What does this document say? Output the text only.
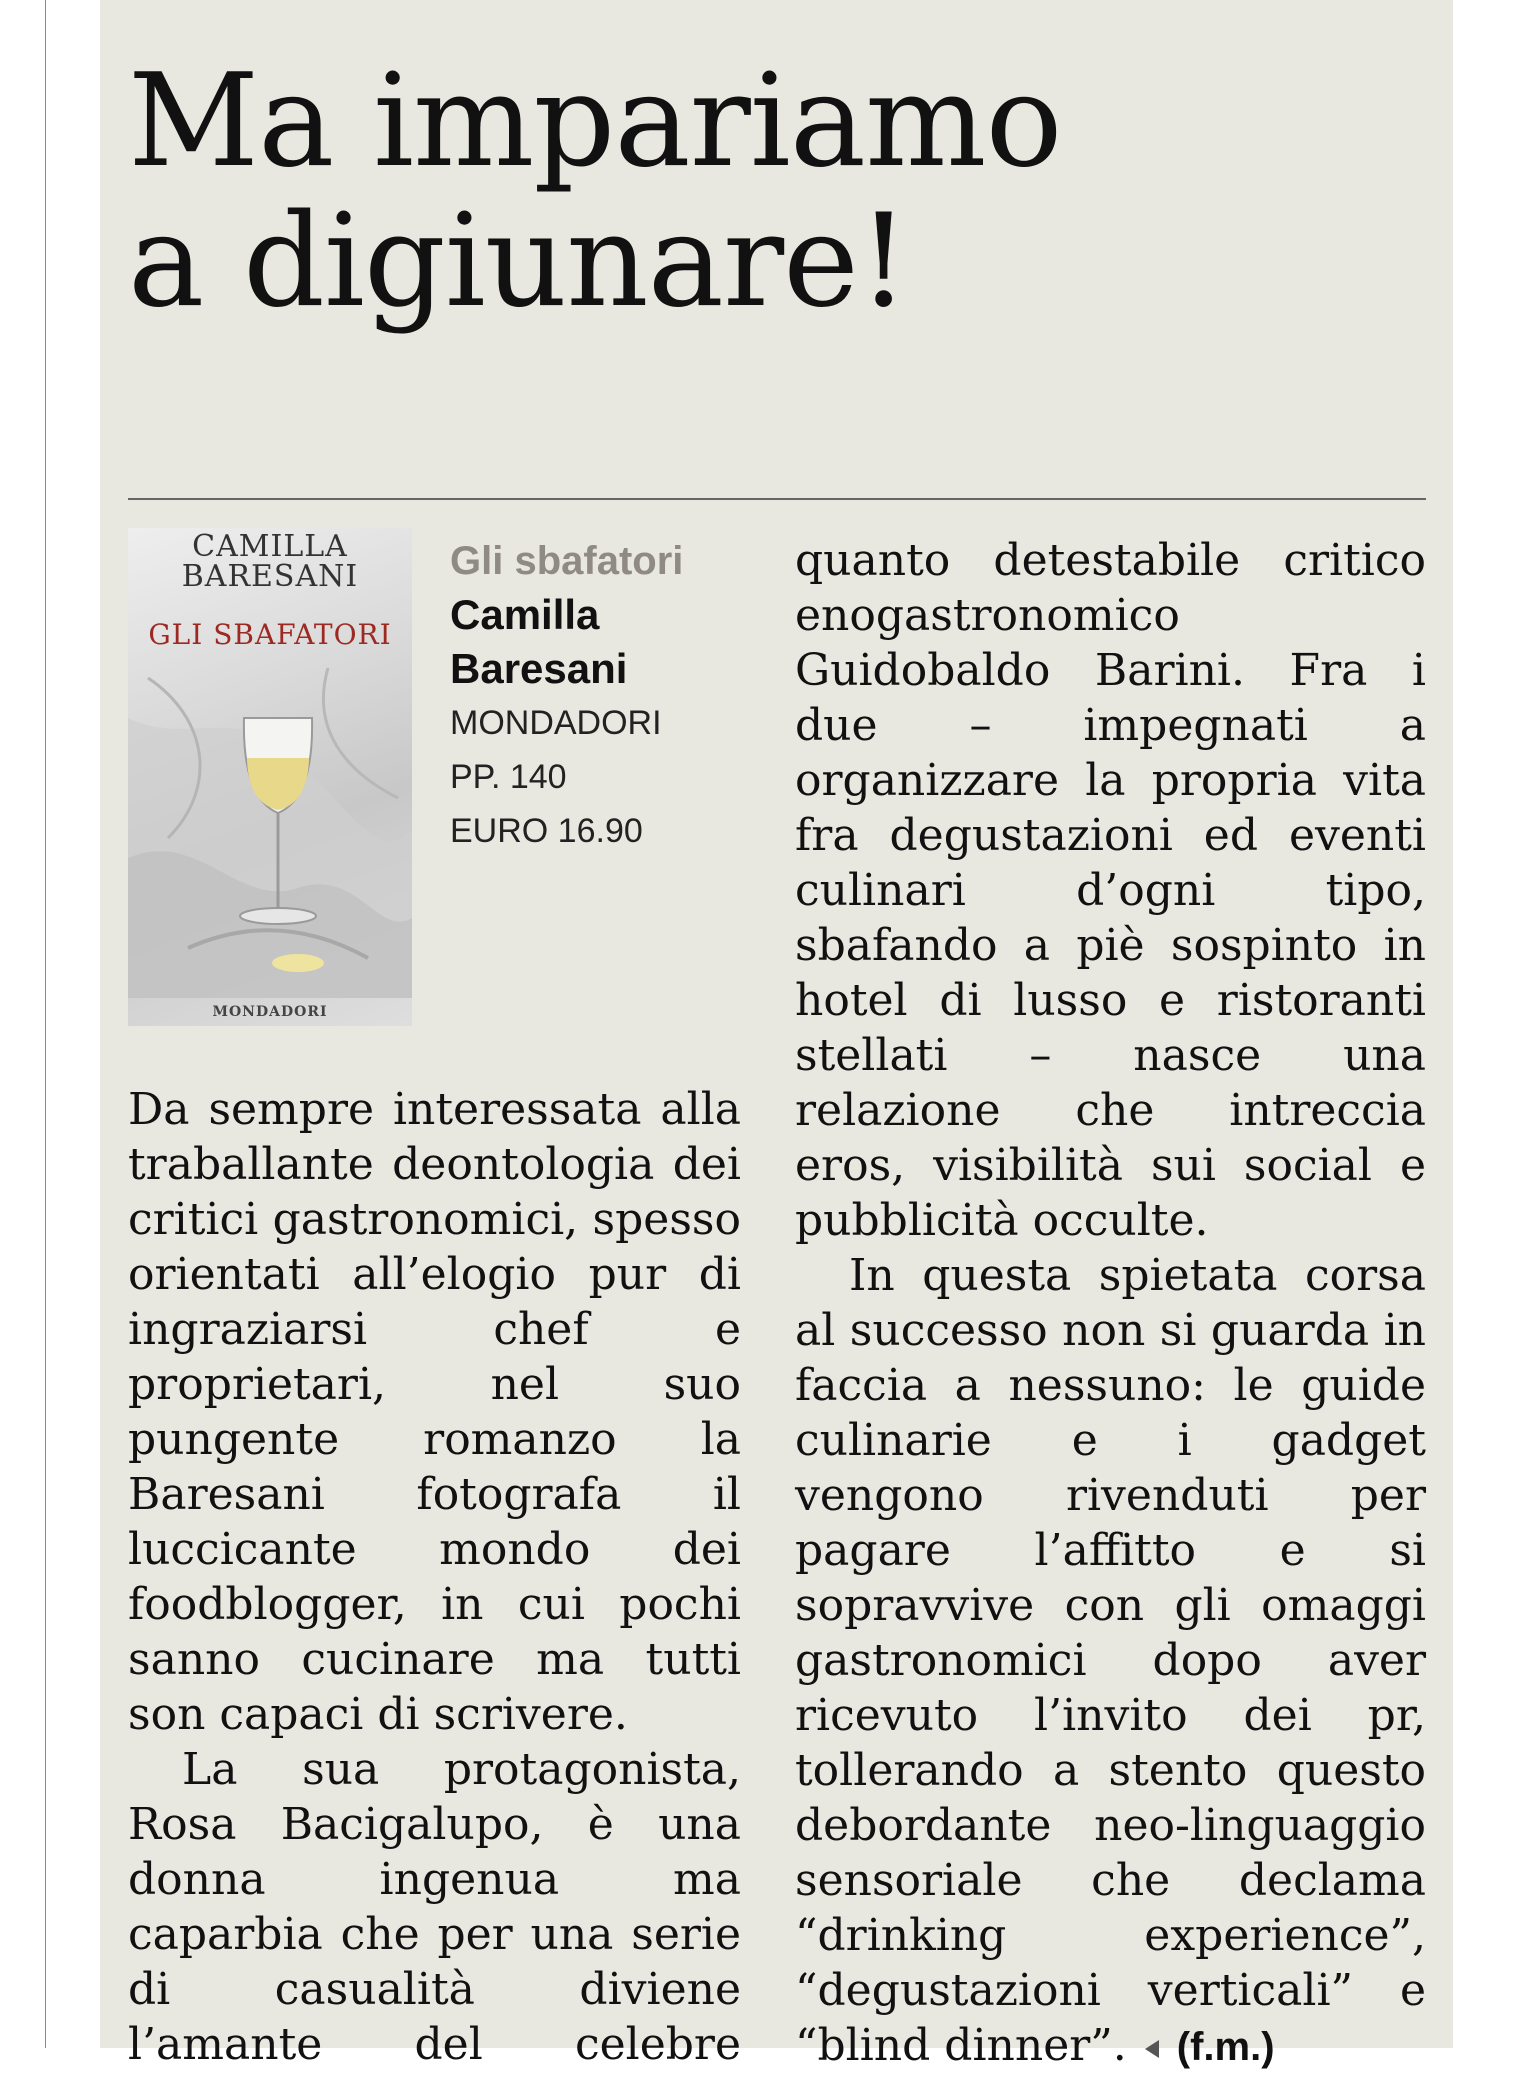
Ma impariamo
a digiunare!
CAMILLA
BARESANI
GLI SBAFATORI
MONDADORI
Gli sbafatori
Camilla
Baresani
MONDADORI
PP. 140
EURO 16.90

Da sempre interessata alla traballante deontologia dei critici gastronomici, spesso orientati all’elogio pur di ingraziarsi chef e proprietari, nel suo pungente romanzo la Baresani fotografa il luccicante mondo dei foodblogger, in cui pochi sanno cucinare ma tutti son capaci di scrivere.

La sua protagonista, Rosa Bacigalupo, è una donna ingenua ma caparbia che per una serie di casualità diviene l’amante del celebre

quanto detestabile critico enogastronomico Guidobaldo Barini. Fra i due – impegnati a organizzare la propria vita fra degustazioni ed eventi culinari d’ogni tipo, sbafando a piè sospinto in hotel di lusso e ristoranti stellati – nasce una relazione che intreccia eros, visibilità sui social e pubblicità occulte.

In questa spietata corsa al successo non si guarda in faccia a nessuno: le guide culinarie e i gadget vengono rivenduti per pagare l’affitto e si sopravvive con gli omaggi gastronomici dopo aver ricevuto l’invito dei pr, tollerando a stento questo debordante neo-linguaggio sensoriale che declama “drinking experience”, “degustazioni verticali” e “blind dinner”. (f.m.)
